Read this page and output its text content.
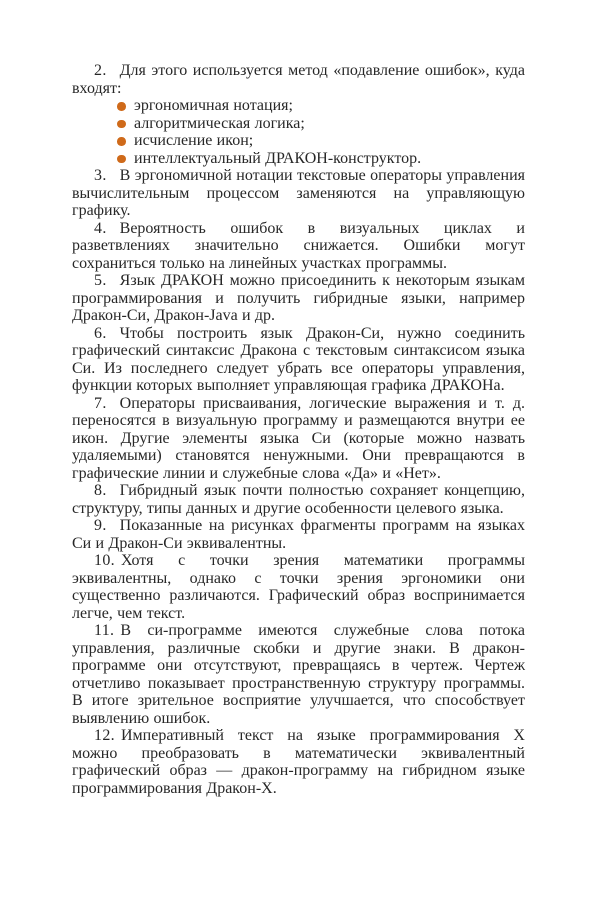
2. Для этого используется метод «подавление ошибок», куда входят:

эргономичная нотация;
алгоритмическая логика;
исчисление икон;
интеллектуальный ДРАКОН-конструктор.

3. В эргономичной нотации текстовые операторы управления вычислительным процессом заменяются на управляющую графику.

4. Вероятность ошибок в визуальных циклах и разветвлениях значительно снижается. Ошибки могут сохраниться только на линейных участках программы.

5. Язык ДРАКОН можно присоединить к некоторым языкам программирования и получить гибридные языки, например Дракон-Си, Дракон-Java и др.

6. Чтобы построить язык Дракон-Си, нужно соединить графический синтаксис Дракона с текстовым синтаксисом языка Си. Из последнего следует убрать все операторы управления, функции которых выполняет управляющая графика ДРАКОНа.

7. Операторы присваивания, логические выражения и т. д. переносятся в визуальную программу и размещаются внутри ее икон. Другие элементы языка Си (которые можно назвать удаляемыми) становятся ненужными. Они превращаются в графические линии и служебные слова «Да» и «Нет».

8. Гибридный язык почти полностью сохраняет концепцию, структуру, типы данных и другие особенности целевого языка.

9. Показанные на рисунках фрагменты программ на языках Си и Дракон-Си эквивалентны.

10. Хотя с точки зрения математики программы эквивалентны, однако с точки зрения эргономики они существенно различаются. Графический образ воспринимается легче, чем текст.

11. В си-программе имеются служебные слова потока управления, различные скобки и другие знаки. В дракон-программе они отсутствуют, превращаясь в чертеж. Чертеж отчетливо показывает пространственную структуру программы. В итоге зрительное восприятие улучшается, что способствует выявлению ошибок.

12. Императивный текст на языке программирования X можно преобразовать в математически эквивалентный графический образ — дракон-программу на гибридном языке программирования Дракон-X.
